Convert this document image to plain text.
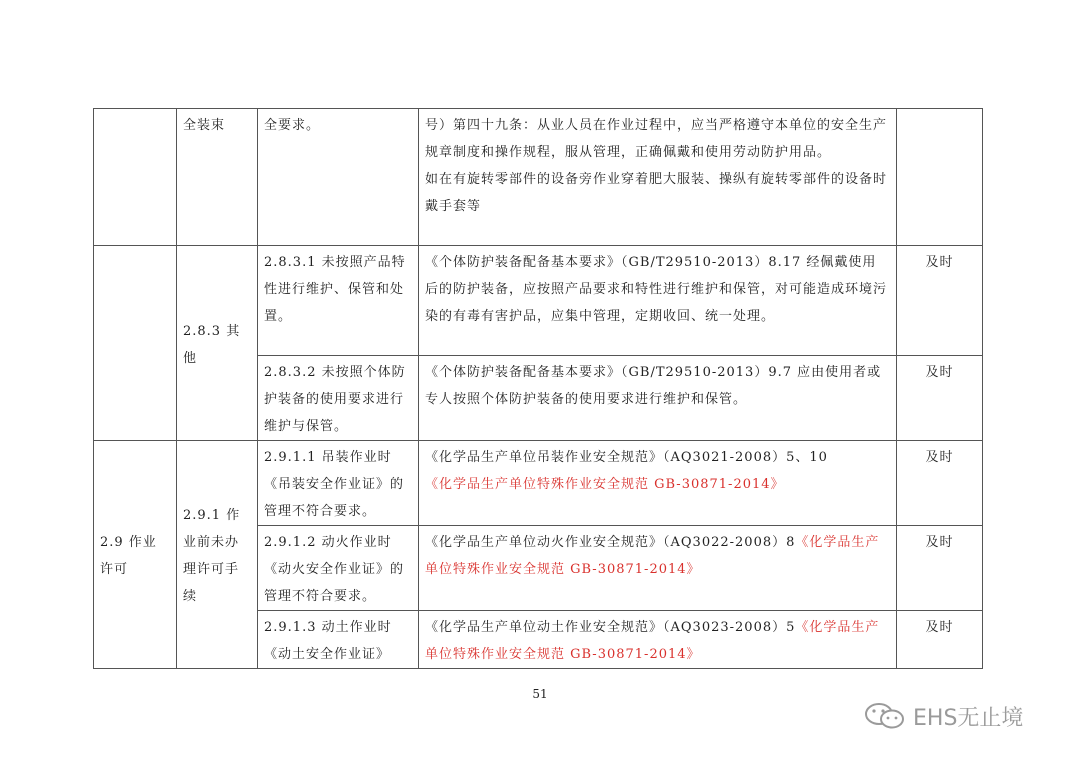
	全装束	全要求。	号）第四十九条：从业人员在作业过程中，应当严格遵守本单位的安全生产规章制度和操作规程，服从管理，正确佩戴和使用劳动防护用品。
如在有旋转零部件的设备旁作业穿着肥大服装、操纵有旋转零部件的设备时戴手套等	

	2.8.3 其他	2.8.3.1 未按照产品特性进行维护、保管和处置。	《个体防护装备配备基本要求》（GB/T29510-2013）8.17 经佩戴使用后的防护装备，应按照产品要求和特性进行维护和保管，对可能造成环境污染的有毒有害护品，应集中管理，定期收回、统一处理。	及时
		2.8.3.2 未按照个体防护装备的使用要求进行维护与保管。	《个体防护装备配备基本要求》（GB/T29510-2013）9.7 应由使用者或专人按照个体防护装备的使用要求进行维护和保管。	及时
2.9 作业许可	2.9.1 作业前未办理许可手续	2.9.1.1 吊装作业时《吊装安全作业证》的管理不符合要求。	《化学品生产单位吊装作业安全规范》（AQ3021-2008）5、10
《化学品生产单位特殊作业安全规范 GB-30871-2014》	及时
		2.9.1.2 动火作业时《动火安全作业证》的管理不符合要求。	《化学品生产单位动火作业安全规范》（AQ3022-2008）8《化学品生产单位特殊作业安全规范 GB-30871-2014》	及时
		2.9.1.3 动土作业时《动土安全作业证》	《化学品生产单位动土作业安全规范》（AQ3023-2008）5《化学品生产单位特殊作业安全规范 GB-30871-2014》	及时
51
EHS无止境
